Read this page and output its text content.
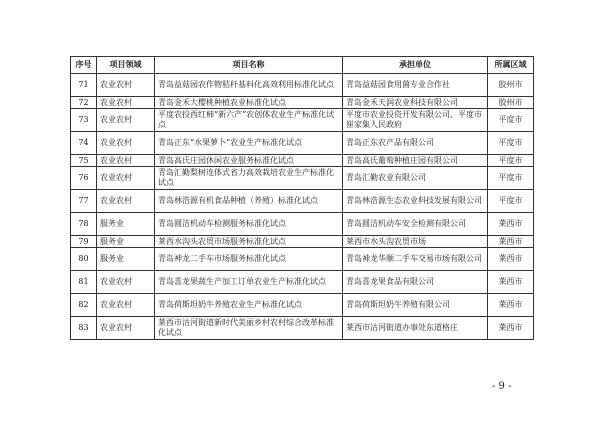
序号	项目领域	项目名称	承担单位	所属区域
71	农业农村	青岛益菇园农作物秸秆基料化高效利用标准化试点	青岛益菇园食用菌专业合作社	胶州市
72	农业农村	青岛金禾大樱桃种植农业标准化试点	青岛金禾天润农业科技有限公司	胶州市
73	农业农村	平度农投西红柿“新六产”农创体农业生产标准化试点	平度市农业投资开发有限公司、平度市崔家集人民政府	平度市
74	农业农村	青岛正东“水果萝卜”农业生产标准化试点	青岛正东农产品有限公司	平度市
75	农业农村	青岛高氏庄园休闲农业服务标准化试点	青岛高氏葡萄种植庄园有限公司	平度市
76	农业农村	青岛汇勤梨树连体式省力高效栽培农业生产标准化试点	青岛汇勤农业有限公司	平度市
77	农业农村	青岛林浩源有机食品种植（养殖）标准化试点	青岛林浩源生态农业科技发展有限公司	平度市
78	服务业	青岛圆洁机动车检测服务标准化试点	青岛圆洁机动车安全检测有限公司	莱西市
79	服务业	莱西水沟头农贸市场服务标准化试点	莱西市水头沟农贸市场	莱西市
80	服务业	青岛神龙二手车市场服务标准化试点	青岛神龙华顺二手车交易市场有限公司	莱西市
81	农业农村	青岛喜龙果蔬生产加工订单农业生产标准化试点	青岛喜龙果食品有限公司	莱西市
82	农业农村	青岛荷斯坦奶牛养殖农业生产标准化试点	青岛荷斯坦奶牛养殖有限公司	莱西市
83	农业农村	莱西市沽河街道新时代美丽乡村农村综合改革标准化试点	莱西市沽河街道办事处东道格庄	莱西市
- 9 -
